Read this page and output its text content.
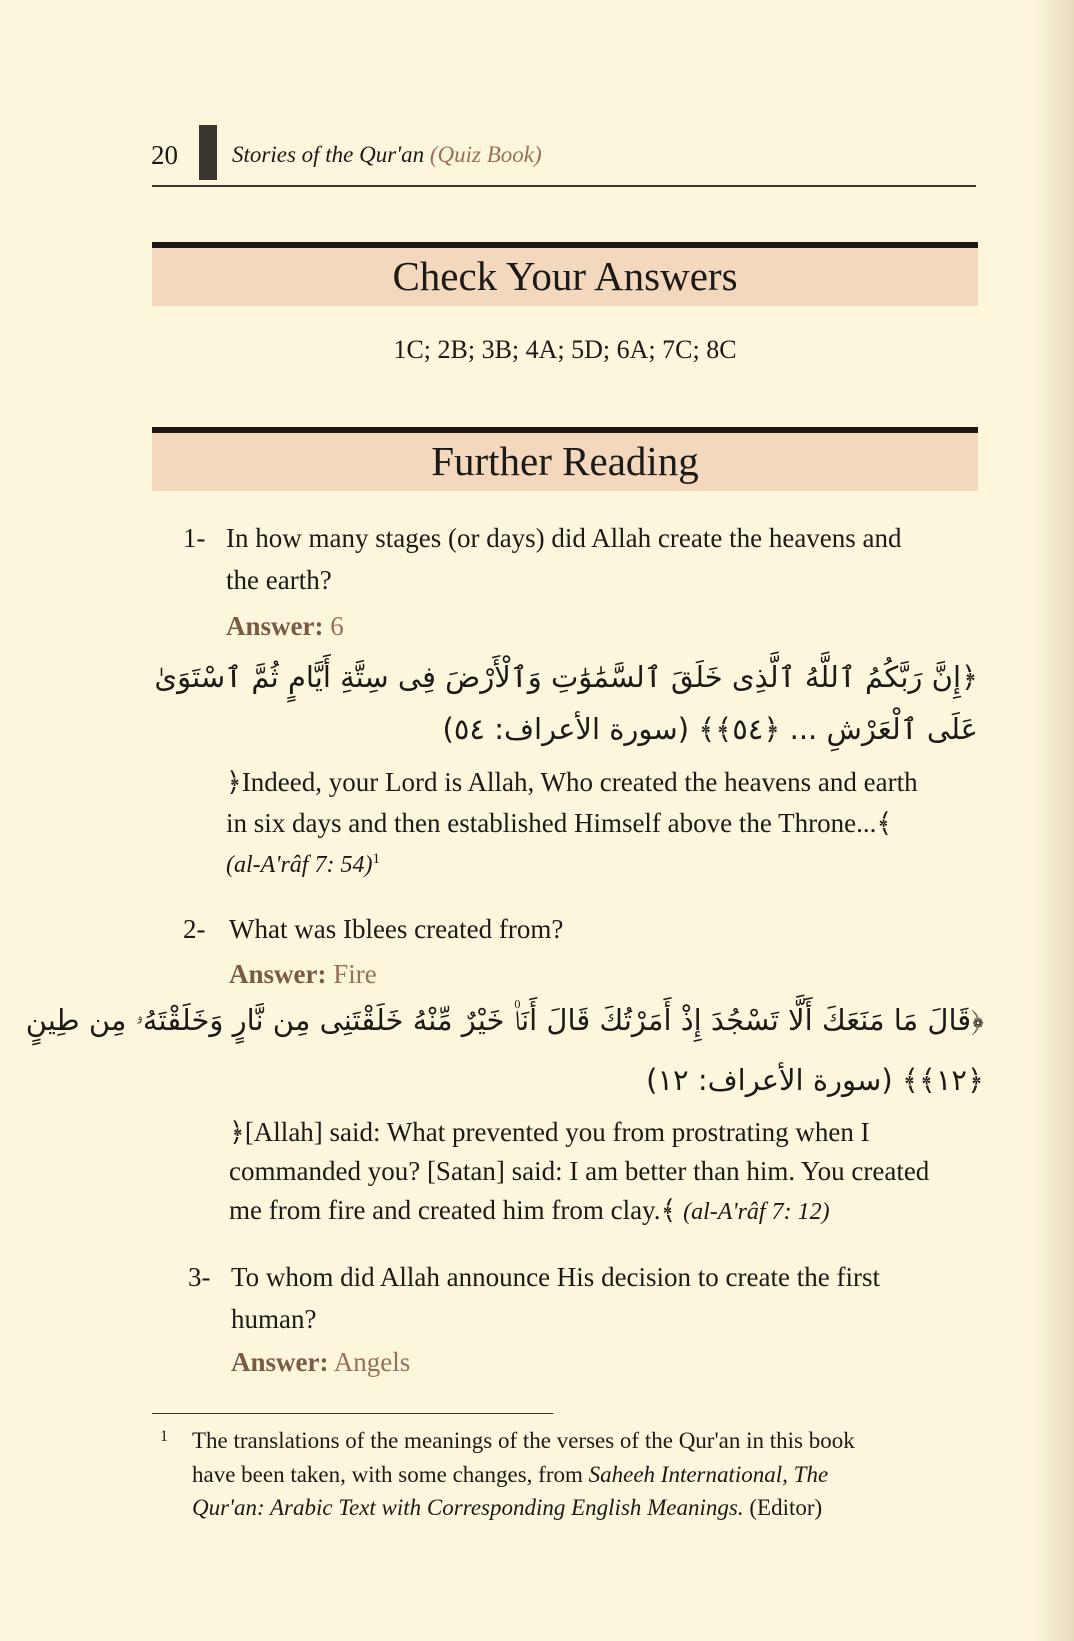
20 Stories of the Qur'an (Quiz Book)
Check Your Answers
1C; 2B; 3B; 4A; 5D; 6A; 7C; 8C
Further Reading
1- In how many stages (or days) did Allah create the heavens and
the earth?
Answer: 6
﴿إِنَّ رَبَّكُمُ ٱللَّهُ ٱلَّذِى خَلَقَ ٱلسَّمَٰوَٰتِ وَٱلْأَرْضَ فِى سِتَّةِ أَيَّامٍ ثُمَّ ٱسْتَوَىٰ
عَلَى ٱلْعَرْشِ ... ﴿٥٤﴾﴾ (سورة الأعراف: ٥٤)
﴿Indeed, your Lord is Allah, Who created the heavens and earth
in six days and then established Himself above the Throne...﴾
(al-A'râf 7: 54)$^1$
2- What was Iblees created from?
Answer: Fire
﴿قَالَ مَا مَنَعَكَ أَلَّا تَسْجُدَ إِذْ أَمَرْتُكَ قَالَ أَنَا۠ خَيْرٌ مِّنْهُ خَلَقْتَنِى مِن نَّارٍ وَخَلَقْتَهُۥ مِن طِينٍ
﴿١٢﴾﴾ (سورة الأعراف: ١٢)
﴿[Allah] said: What prevented you from prostrating when I
commanded you? [Satan] said: I am better than him. You created
me from fire and created him from clay.﴾ (al-A'râf 7: 12)
3- To whom did Allah announce His decision to create the first
human?
Answer: Angels
1 The translations of the meanings of the verses of the Qur'an in this book
have been taken, with some changes, from Saheeh International, The
Qur'an: Arabic Text with Corresponding English Meanings. (Editor)
